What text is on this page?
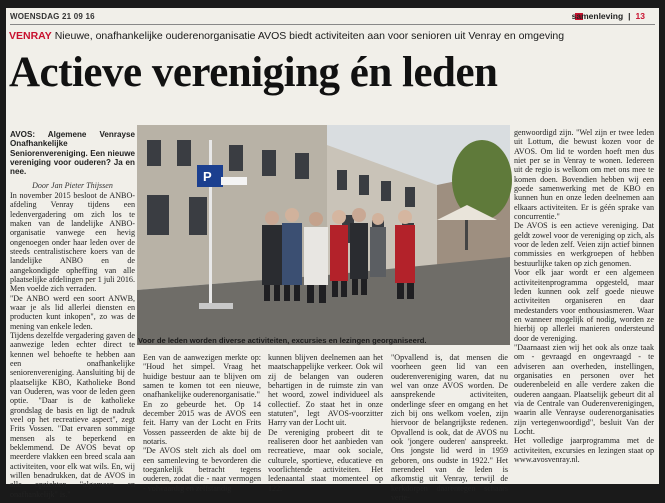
WOENSDAG 21 09 16	samenleving | 13
VENRAY Nieuwe, onafhankelijke ouderenorganisatie AVOS biedt activiteiten aan voor senioren uit Venray en omgeving
Actieve vereniging én leden

AVOS: Algemene Venrayse Onafhankelijke Seniorenvereniging. Een nieuwe vereniging voor ouderen? Ja en nee.

Door Jan Pieter Thijssen

In november 2015 besloot de ANBO-afdeling Venray tijdens een ledenvergadering om zich los te maken van de landelijke ANBO-organisatie vanwege een hevig ongenoegen onder haar leden over de steeds centralistischere koers van de landelijke ANBO en de aangekondigde opheffing van alle plaatselijke afdelingen per 1 juli 2016. Men voelde zich verraden.

"De ANBO werd een soort ANWB, waar je als lid allerlei diensten en producten kunt inkopen", zo was de mening van enkele leden.

Tijdens dezelfde vergadering gaven de aanwezige leden echter direct te kennen wel behoefte te hebben aan een onafhankelijke seniorenvereniging. Aansluiting bij de plaatselijke KBO, Katholieke Bond van Ouderen, was voor de leden geen optie. "Daar is de katholieke grondslag de basis en ligt de nadruk veel op het recreatieve aspect", zegt Frits Vossen. "Dat ervaren sommige mensen als te beperkend en beklemmend. De AVOS bevat op meerdere vlakken een breed scala aan activiteiten, voor elk wat wils. En, wij willen benadrukken, dat de AVOS in alle opzichten "algemeen en onafhankelijk" is."

P
Voor de leden worden diverse activiteiten, excursies en lezingen georganiseerd.

Een van de aanwezigen merkte op: "Houd het simpel. Vraag het huidige bestuur aan te blijven om samen te komen tot een nieuwe, onafhankelijke ouderenorganisatie."

En zo gebeurde het. Op 14 december 2015 was de AVOS een feit. Harry van der Locht en Frits Vossen passeerden de akte bij de notaris.

"De AVOS stelt zich als doel om een samenleving te bevorderen die toegankelijk betracht tegens ouderen, zodat die - naar vermogen - volwaardig en zelfstandig

kunnen blijven deelnemen aan het maatschappelijke verkeer. Ook wil zij de belangen van ouderen behartigen in de ruimste zin van het woord, zowel individueel als collectief. Zo staat het in onze statuten", legt AVOS-voorzitter Harry van der Locht uit.

De vereniging probeert dit te realiseren door het aanbieden van recreatieve, maar ook sociale, culturele, sportieve, educatieve en voorlichtende activiteiten. Het ledenaantal staat momenteel op 122.

"Opvallend is, dat mensen die voorheen geen lid van een ouderenvereniging waren, dat nu wel van onze AVOS worden. De aansprekende activiteiten, onderlinge sfeer en omgang en het zich bij ons welkom voelen, zijn hiervoor de belangrijkste redenen. Opvallend is ook, dat de AVOS nu ook 'jongere ouderen' aanspreekt. Ons jongste lid werd in 1959 geboren, ons oudste in 1922." Het merendeel van de leden is afkomstig uit Venray, terwijl de kerkdorpen daarentegen schaars verte-

genwoordigd zijn. "Wel zijn er twee leden uit Lottum, die bewust kozen voor de AVOS. Om lid te worden hoeft men dus niet per se in Venray te wonen. Iedereen uit de regio is welkom om met ons mee te komen doen. Bovendien hebben wij een goede samenwerking met de KBO en kunnen hun en onze leden deelnemen aan elkaars activiteiten. Er is géén sprake van concurrentie."

De AVOS is een actieve vereniging. Dat geldt zowel voor de vereniging op zich, als voor de leden zelf. Veien zijn actief binnen commissies en werkgroepen of hebben bestuurlijke taken op zich genomen.

Voor elk jaar wordt er een algemeen activiteitenprogramma opgesteld, maar leden kunnen ook zelf goede nieuwe activiteiten organiseren en daar medestanders voor enthousiasmeren. Waar en wanneer mogelijk of nodig, worden ze hierbij op allerlei manieren ondersteund door de vereniging.

"Daarnaast zien wij het ook als onze taak om - gevraagd en ongevraagd - te adviseren aan overheden, instellingen, organisaties en personen over het ouderenbeleid en alle verdere zaken die ouderen aangaan. Plaatselijk gebeurt dit al via de Centrale van Ouderenverenigingen, waarin alle Venrayse ouderenorganisaties zijn vertegenwoordigd", besluit Van der Locht.

Het volledige jaarprogramma met de activiteiten, excursies en lezingen staat op www.avosvenray.nl.
